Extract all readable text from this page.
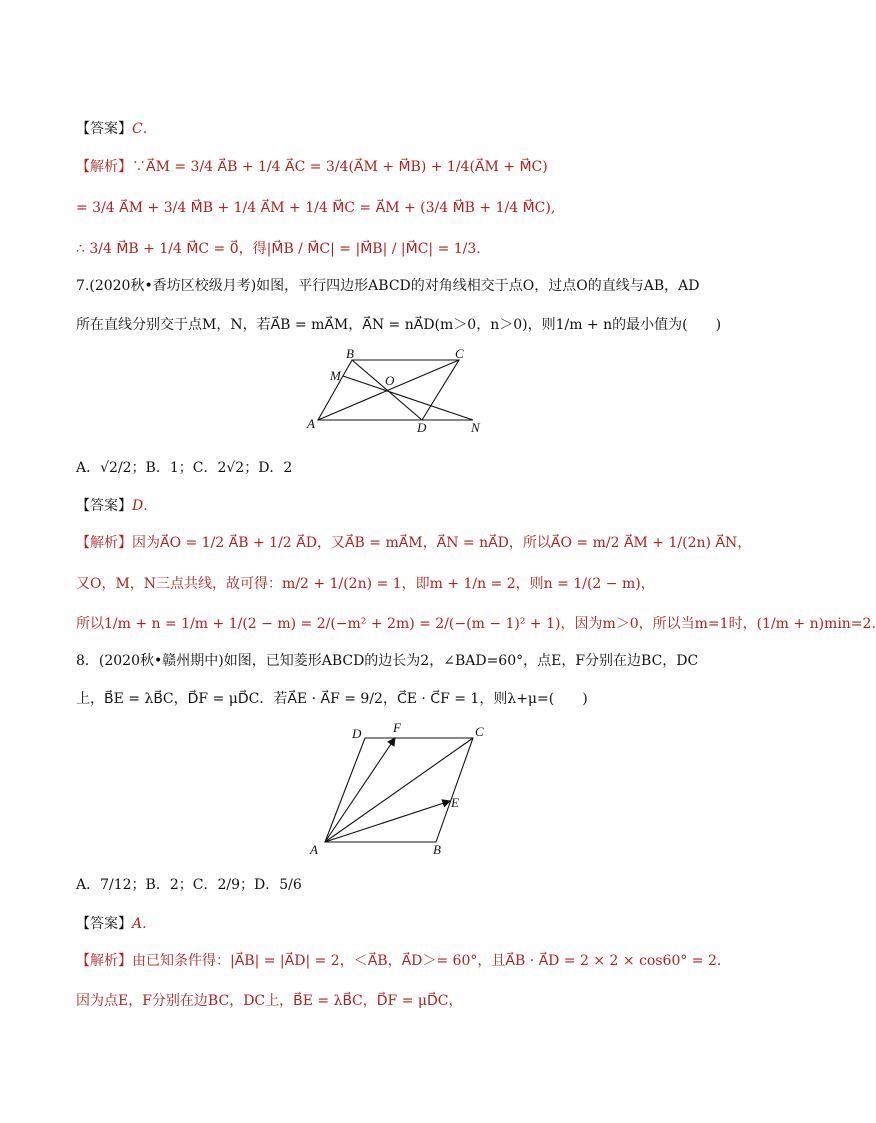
【答案】C.
【解析】∵A⃗M = 3/4 A⃗B + 1/4 A⃗C = 3/4(A⃗M + M⃗B) + 1/4(A⃗M + M⃗C)
= 3/4 A⃗M + 3/4 M⃗B + 1/4 A⃗M + 1/4 M⃗C = A⃗M + (3/4 M⃗B + 1/4 M⃗C),
∴ 3/4 M⃗B + 1/4 M⃗C = 0⃗，得|M⃗B / M⃗C| = |M⃗B| / |M⃗C| = 1/3.
7.(2020秋•香坊区校级月考)如图，平行四边形ABCD的对角线相交于点O，过点O的直线与AB，AD
所在直线分别交于点M，N，若A⃗B = mA⃗M，A⃗N = nA⃗D(m＞0，n＞0)，则1/m + n的最小值为(　　)
A
B	C
D
M
N
O
A．√2/2；B．1；C．2√2；D．2
【答案】D.
【解析】因为A⃗O = 1/2 A⃗B + 1/2 A⃗D，又A⃗B = mA⃗M，A⃗N = nA⃗D，所以A⃗O = m/2 A⃗M + 1/(2n) A⃗N，
又O，M，N三点共线，故可得：m/2 + 1/(2n) = 1，即m + 1/n = 2，则n = 1/(2 − m)，
所以1/m + n = 1/m + 1/(2 − m) = 2/(−m² + 2m) = 2/(−(m − 1)² + 1)，因为m＞0，所以当m=1时，(1/m + n)min=2.
8．(2020秋•赣州期中)如图，已知菱形ABCD的边长为2，∠BAD=60°，点E，F分别在边BC，DC
上，B⃗E = λB⃗C，D⃗F = μD⃗C．若A⃗E · A⃗F = 9/2，C⃗E · C⃗F = 1，则λ+μ=(　　)
A	B
C
D
E
F
A．7/12；B．2；C．2/9；D．5/6
【答案】A.
【解析】由已知条件得：|A⃗B| = |A⃗D| = 2，＜A⃗B，A⃗D＞= 60°，且A⃗B · A⃗D = 2 × 2 × cos60° = 2.
因为点E，F分别在边BC，DC上，B⃗E = λB⃗C，D⃗F = μD⃗C，
